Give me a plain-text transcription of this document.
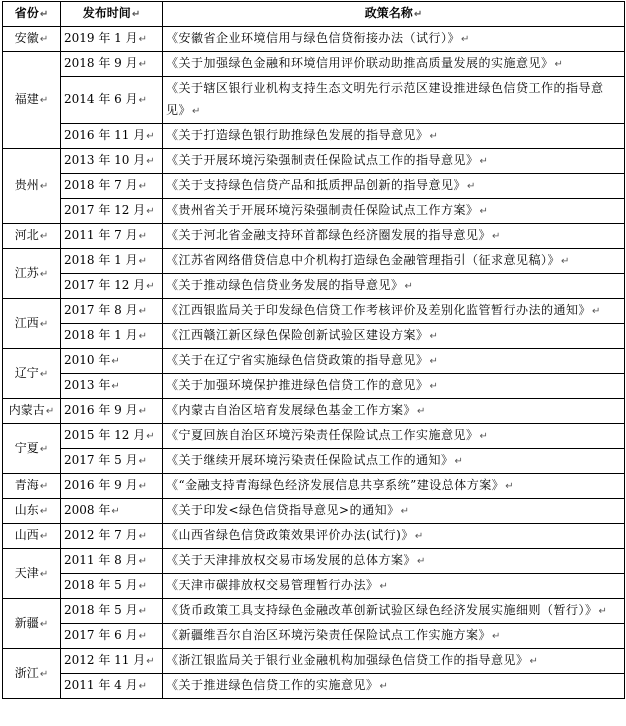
省份↵	发布时间↵	政策名称↵
安徽↵	2019 年 1 月↵	《安徽省企业环境信用与绿色信贷衔接办法（试行）》↵
福建↵	2018 年 9 月↵	《关于加强绿色金融和环境信用评价联动助推高质量发展的实施意见》↵
	2014 年 6 月↵	《关于辖区银行业机构支持生态文明先行示范区建设推进绿色信贷工作的指导意见》↵
	2016 年 11 月↵	《关于打造绿色银行助推绿色发展的指导意见》↵
贵州↵	2013 年 10 月↵	《关于开展环境污染强制责任保险试点工作的指导意见》↵
	2018 年 7 月↵	《关于支持绿色信贷产品和抵质押品创新的指导意见》↵
	2017 年 12 月↵	《贵州省关于开展环境污染强制责任保险试点工作方案》↵
河北↵	2011 年 7 月↵	《关于河北省金融支持环首都绿色经济圈发展的指导意见》↵
江苏↵	2018 年 1 月↵	《江苏省网络借贷信息中介机构打造绿色金融管理指引（征求意见稿）》↵
	2017 年 12 月↵	《关于推动绿色信贷业务发展的指导意见》↵
江西↵	2017 年 8 月↵	《江西银监局关于印发绿色信贷工作考核评价及差别化监管暂行办法的通知》↵
	2018 年 1 月↵	《江西赣江新区绿色保险创新试验区建设方案》↵
辽宁↵	2010 年↵	《关于在辽宁省实施绿色信贷政策的指导意见》↵
	2013 年↵	《关于加强环境保护推进绿色信贷工作的意见》↵
内蒙古↵	2016 年 9 月↵	《内蒙古自治区培育发展绿色基金工作方案》↵
宁夏↵	2015 年 12 月↵	《宁夏回族自治区环境污染责任保险试点工作实施意见》↵
	2017 年 5 月↵	《关于继续开展环境污染责任保险试点工作的通知》↵
青海↵	2016 年 9 月↵	《“金融支持青海绿色经济发展信息共享系统”建设总体方案》↵
山东↵	2008 年↵	《关于印发<绿色信贷指导意见>的通知》↵
山西↵	2012 年 7 月↵	《山西省绿色信贷政策效果评价办法(试行)》↵
天津↵	2011 年 8 月↵	《关于天津排放权交易市场发展的总体方案》↵
	2018 年 5 月↵	《天津市碳排放权交易管理暂行办法》↵
新疆↵	2018 年 5 月↵	《货币政策工具支持绿色金融改革创新试验区绿色经济发展实施细则（暂行）》↵
	2017 年 6 月↵	《新疆维吾尔自治区环境污染责任保险试点工作实施方案》↵
浙江↵	2012 年 11 月↵	《浙江银监局关于银行业金融机构加强绿色信贷工作的指导意见》↵
	2011 年 4 月↵	《关于推进绿色信贷工作的实施意见》↵
